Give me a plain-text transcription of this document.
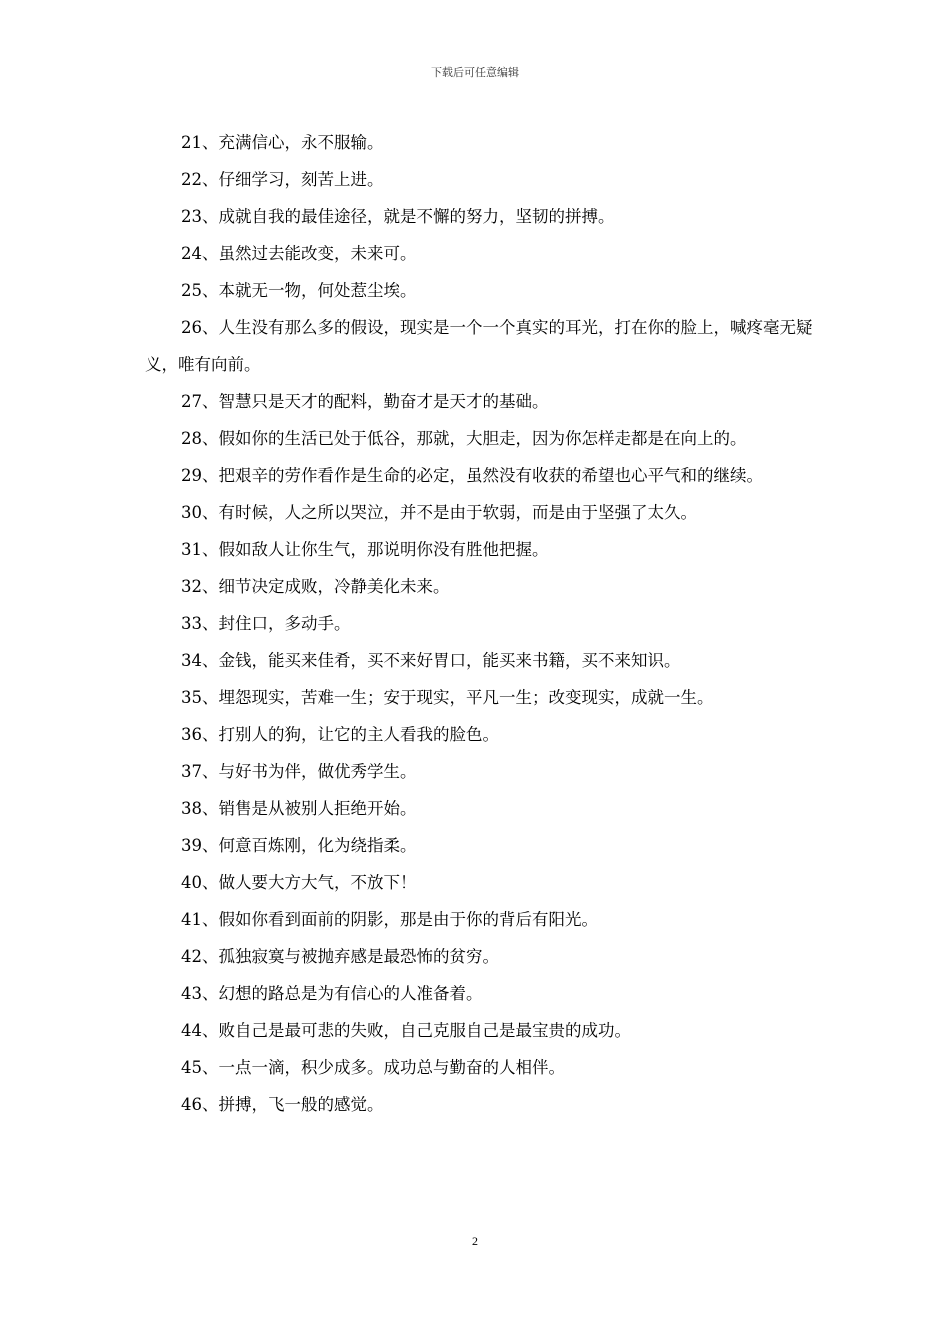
下载后可任意编辑

21、充满信心，永不服输。

22、仔细学习，刻苦上进。

23、成就自我的最佳途径，就是不懈的努力，坚韧的拼搏。

24、虽然过去能改变，未来可。

25、本就无一物，何处惹尘埃。

26、人生没有那么多的假设，现实是一个一个真实的耳光，打在你的脸上，喊疼毫无疑义，唯有向前。

27、智慧只是天才的配料，勤奋才是天才的基础。

28、假如你的生活已处于低谷，那就，大胆走，因为你怎样走都是在向上的。

29、把艰辛的劳作看作是生命的必定，虽然没有收获的希望也心平气和的继续。

30、有时候，人之所以哭泣，并不是由于软弱，而是由于坚强了太久。

31、假如敌人让你生气，那说明你没有胜他把握。

32、细节决定成败，冷静美化未来。

33、封住口，多动手。

34、金钱，能买来佳肴，买不来好胃口，能买来书籍，买不来知识。

35、埋怨现实，苦难一生；安于现实，平凡一生；改变现实，成就一生。

36、打别人的狗，让它的主人看我的脸色。

37、与好书为伴，做优秀学生。

38、销售是从被别人拒绝开始。

39、何意百炼刚，化为绕指柔。

40、做人要大方大气，不放下！

41、假如你看到面前的阴影，那是由于你的背后有阳光。

42、孤独寂寞与被抛弃感是最恐怖的贫穷。

43、幻想的路总是为有信心的人准备着。

44、败自己是最可悲的失败，自己克服自己是最宝贵的成功。

45、一点一滴，积少成多。成功总与勤奋的人相伴。

46、拼搏，飞一般的感觉。

2
